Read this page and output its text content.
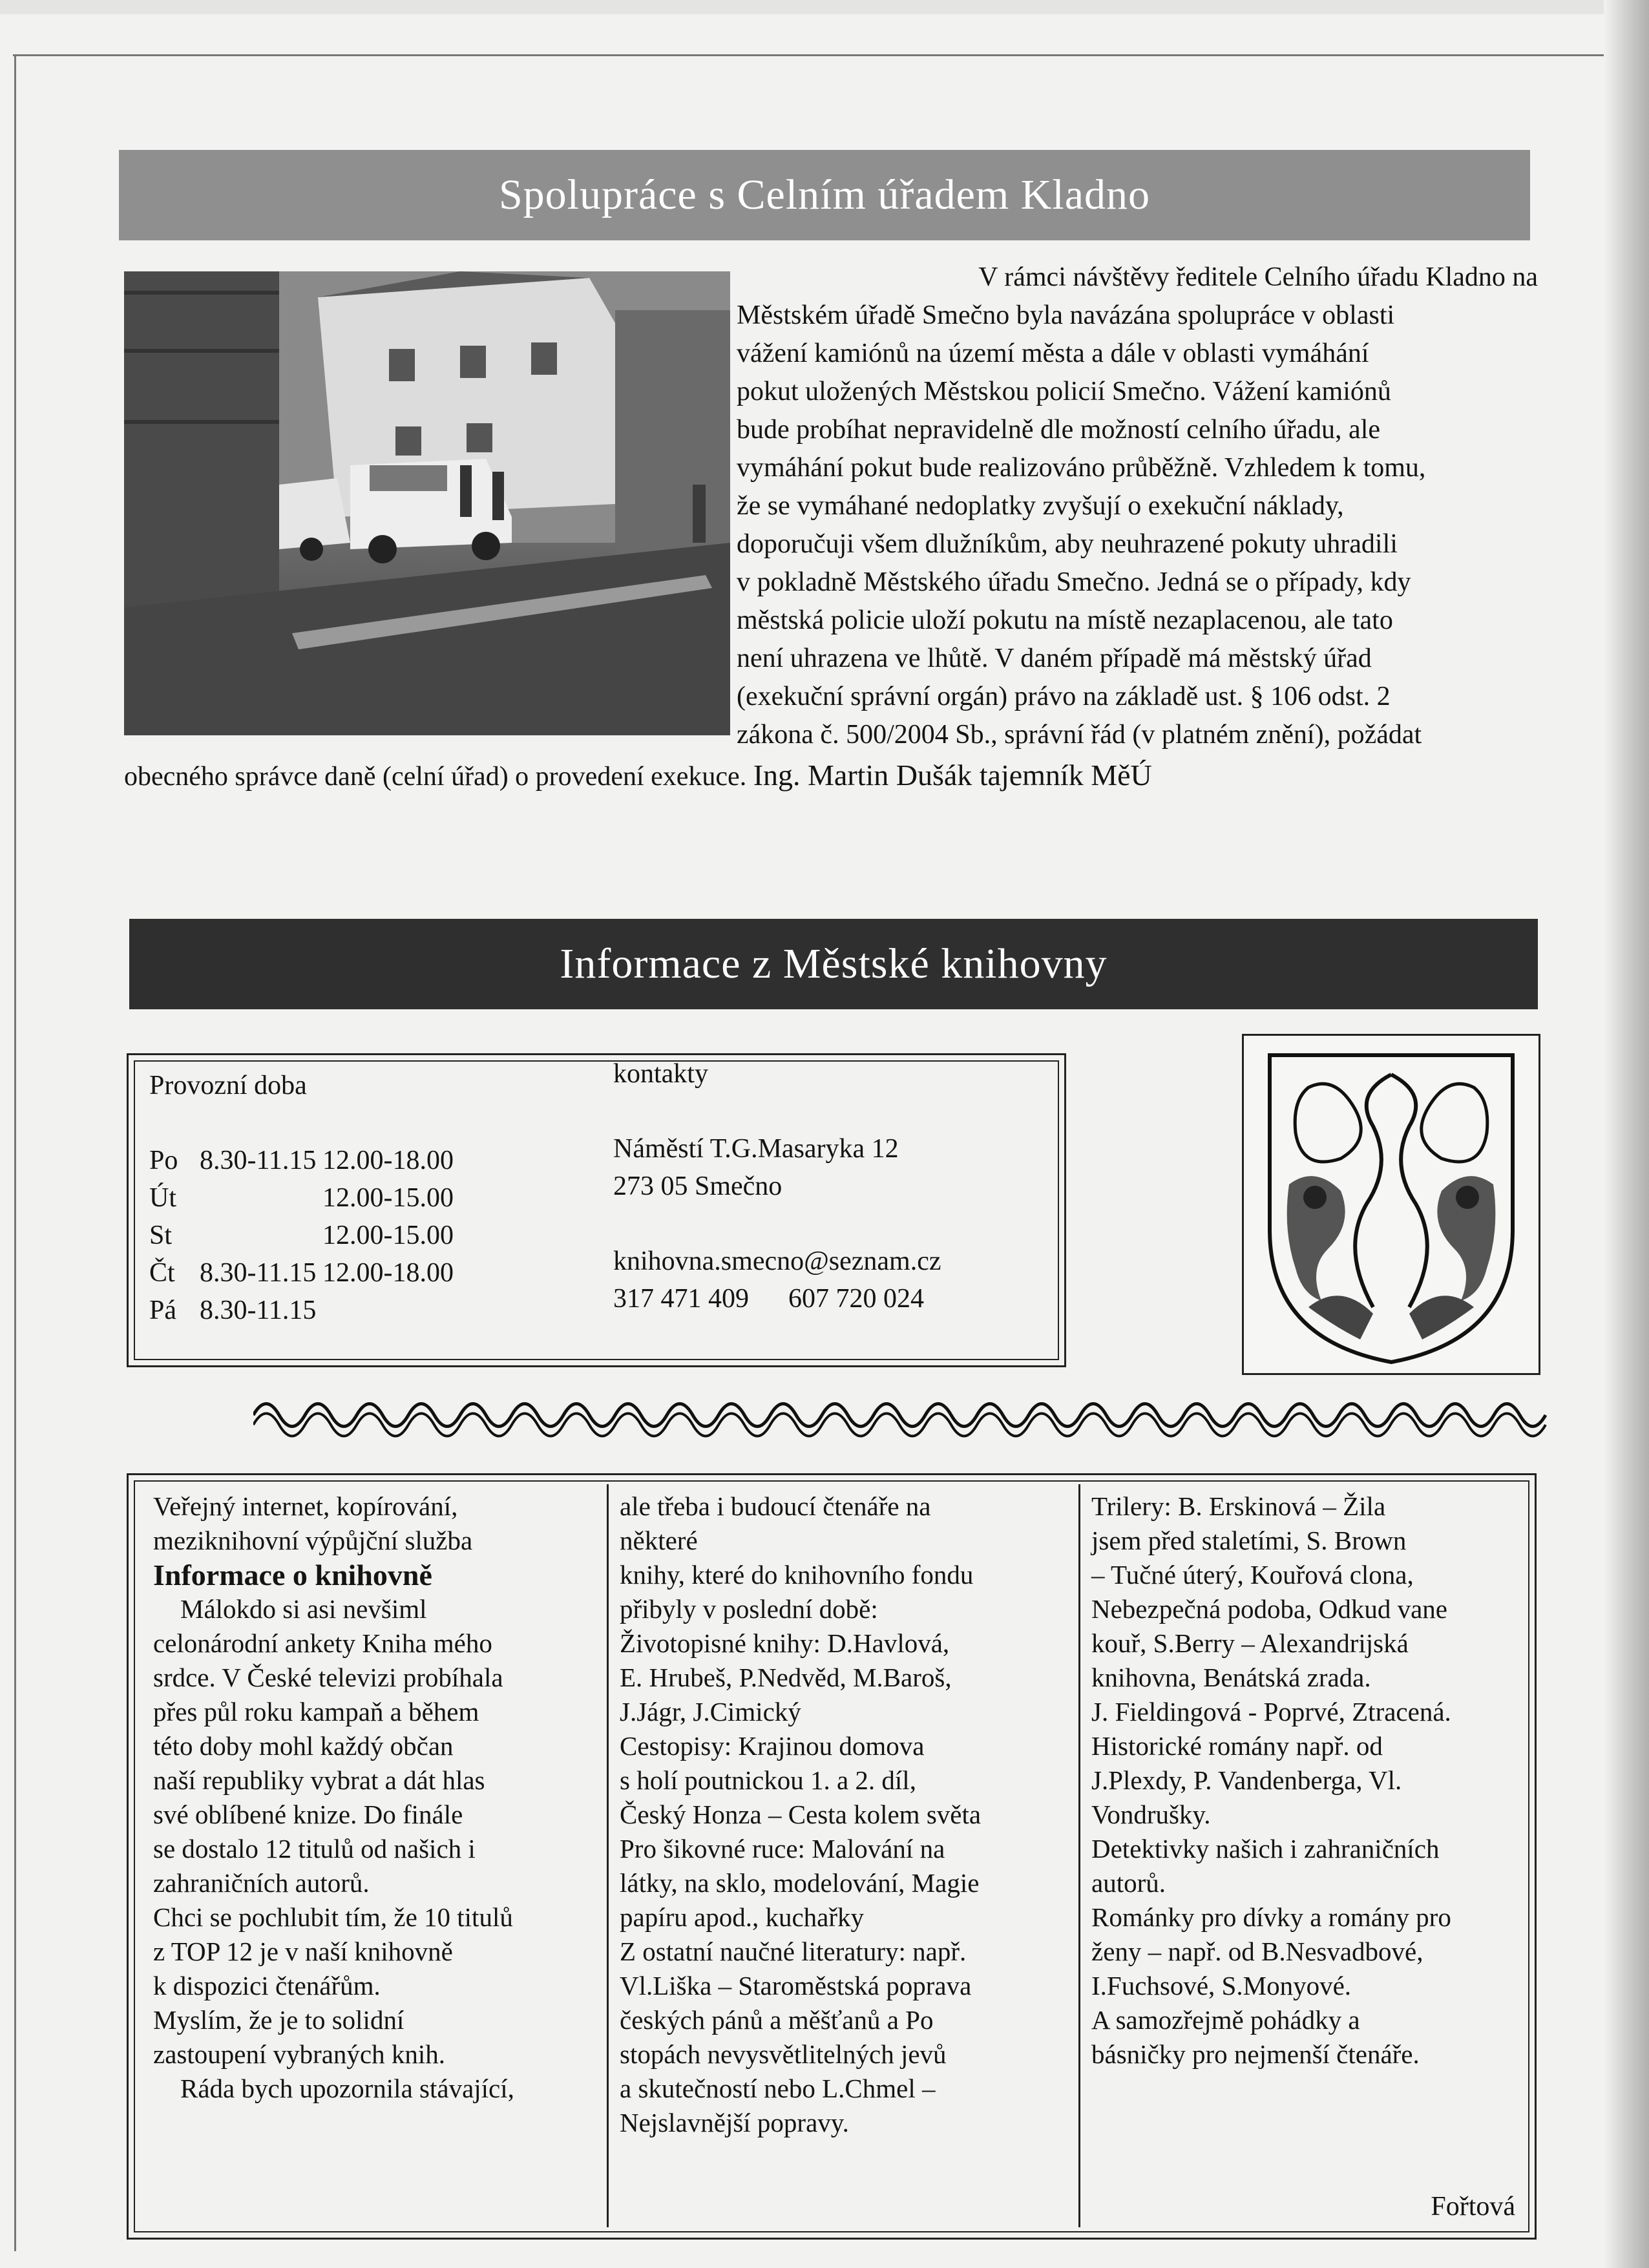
Spolupráce s Celním úřadem Kladno

V rámci návštěvy ředitele Celního úřadu Kladno na

Městském úřadě Smečno byla navázána spolupráce v oblasti
vážení kamiónů na území města a dále v oblasti vymáhání
pokut uložených Městskou policií Smečno. Vážení kamiónů
bude probíhat nepravidelně dle možností celního úřadu, ale
vymáhání pokut bude realizováno průběžně. Vzhledem k tomu,
že se vymáhané nedoplatky zvyšují o exekuční náklady,
doporučuji všem dlužníkům, aby neuhrazené pokuty uhradili
v pokladně Městského úřadu Smečno. Jedná se o případy, kdy
městská policie uloží pokutu na místě nezaplacenou, ale tato
není uhrazena ve lhůtě. V daném případě má městský úřad
(exekuční správní orgán) právo na základě ust. § 106 odst. 2
zákona č. 500/2004 Sb., správní řád (v platném znění), požádat
obecného správce daně (celní úřad) o provedení exekuce. Ing. Martin Dušák tajemník MěÚ
Informace z Městské knihovny
Provozní doba
Po 8.30-11.15 12.00-18.00
Út	12.00-15.00
St	12.00-15.00
Čt 8.30-11.15 12.00-18.00
Pá 8.30-11.15
kontakty
Náměstí T.G.Masaryka 12
273 05 Smečno
knihovna.smecno@seznam.cz
317 471 409 607 720 024
Veřejný internet, kopírování,
meziknihovní výpůjční služba
Informace o knihovně
Málokdo si asi nevšiml
celonárodní ankety Kniha mého
srdce. V České televizi probíhala
přes půl roku kampaň a během
této doby mohl každý občan
naší republiky vybrat a dát hlas
své oblíbené knize. Do finále
se dostalo 12 titulů od našich i
zahraničních autorů.
Chci se pochlubit tím, že 10 titulů
z TOP 12 je v naší knihovně
k dispozici čtenářům.
Myslím, že je to solidní
zastoupení vybraných knih.
Ráda bych upozornila stávající,
ale třeba i budoucí čtenáře na
některé
knihy, které do knihovního fondu
přibyly v poslední době:
Životopisné knihy: D.Havlová,
E. Hrubeš, P.Nedvěd, M.Baroš,
J.Jágr, J.Cimický
Cestopisy: Krajinou domova
s holí poutnickou 1. a 2. díl,
Český Honza – Cesta kolem světa
Pro šikovné ruce: Malování na
látky, na sklo, modelování, Magie
papíru apod., kuchařky
Z ostatní naučné literatury: např.
Vl.Liška – Staroměstská poprava
českých pánů a měšťanů a Po
stopách nevysvětlitelných jevů
a skutečností nebo L.Chmel –
Nejslavnější popravy.
Trilery: B. Erskinová – Žila
jsem před staletími, S. Brown
– Tučné úterý, Kouřová clona,
Nebezpečná podoba, Odkud vane
kouř, S.Berry – Alexandrijská
knihovna, Benátská zrada.
J. Fieldingová - Poprvé, Ztracená.
Historické romány např. od
J.Plexdy, P. Vandenberga, Vl.
Vondrušky.
Detektivky našich i zahraničních
autorů.
Románky pro dívky a romány pro
ženy – např. od B.Nesvadbové,
I.Fuchsové, S.Monyové.
A samozřejmě pohádky a
básničky pro nejmenší čtenáře.
Fořtová
